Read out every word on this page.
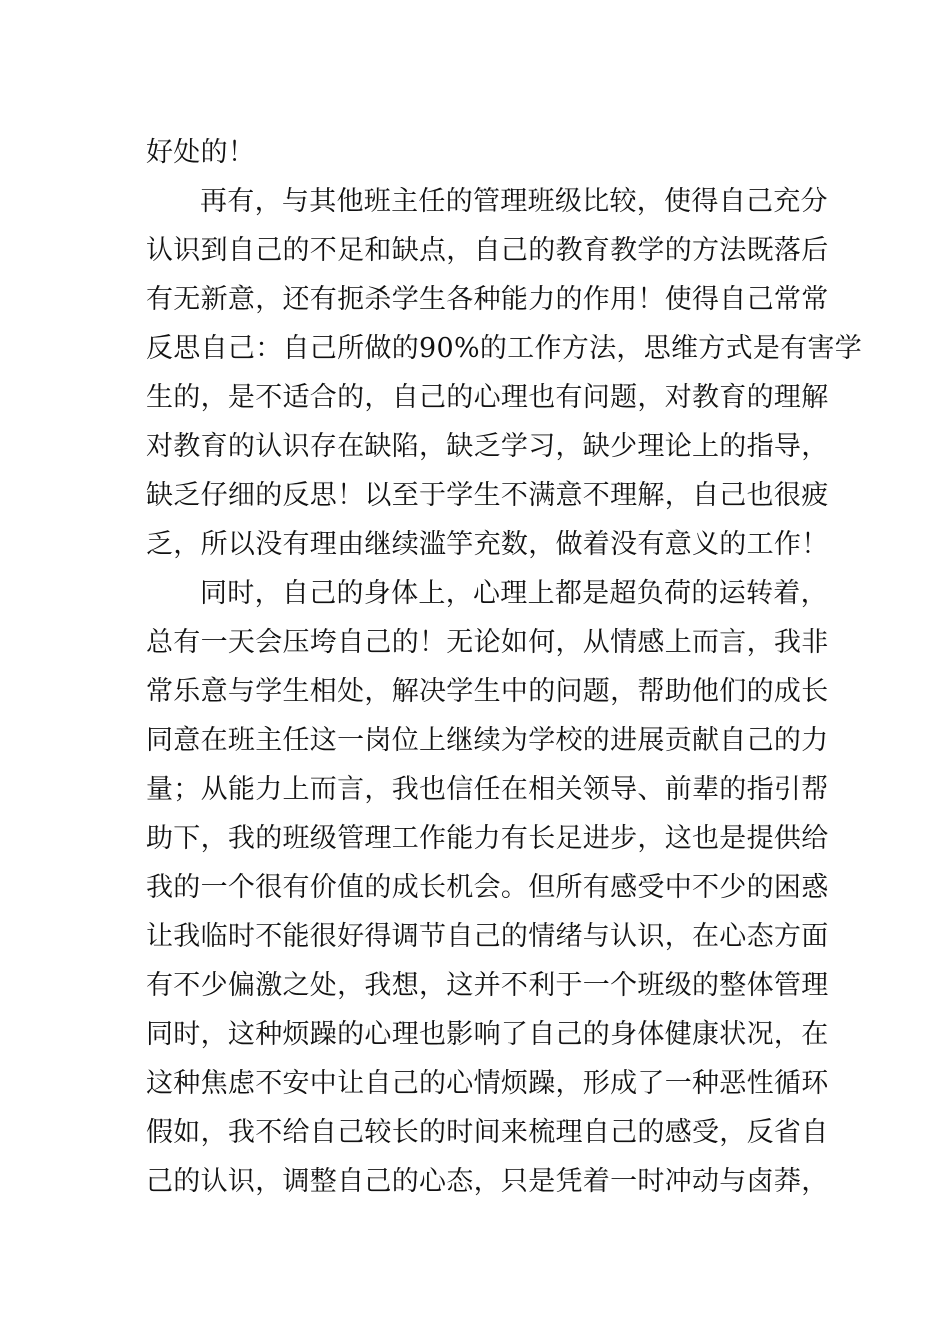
好处的！
再有，与其他班主任的管理班级比较，使得自己充分
认识到自己的不足和缺点，自己的教育教学的方法既落后
有无新意，还有扼杀学生各种能力的作用！使得自己常常
反思自己：自己所做的90%的工作方法，思维方式是有害学
生的，是不适合的，自己的心理也有问题，对教育的理解
对教育的认识存在缺陷，缺乏学习，缺少理论上的指导，
缺乏仔细的反思！以至于学生不满意不理解，自己也很疲
乏，所以没有理由继续滥竽充数，做着没有意义的工作！
同时，自己的身体上，心理上都是超负荷的运转着，
总有一天会压垮自己的！无论如何，从情感上而言，我非
常乐意与学生相处，解决学生中的问题，帮助他们的成长
同意在班主任这一岗位上继续为学校的进展贡献自己的力
量；从能力上而言，我也信任在相关领导、前辈的指引帮
助下，我的班级管理工作能力有长足进步，这也是提供给
我的一个很有价值的成长机会。但所有感受中不少的困惑
让我临时不能很好得调节自己的情绪与认识，在心态方面
有不少偏激之处，我想，这并不利于一个班级的整体管理
同时，这种烦躁的心理也影响了自己的身体健康状况，在
这种焦虑不安中让自己的心情烦躁，形成了一种恶性循环
假如，我不给自己较长的时间来梳理自己的感受，反省自
己的认识，调整自己的心态，只是凭着一时冲动与卤莽，
